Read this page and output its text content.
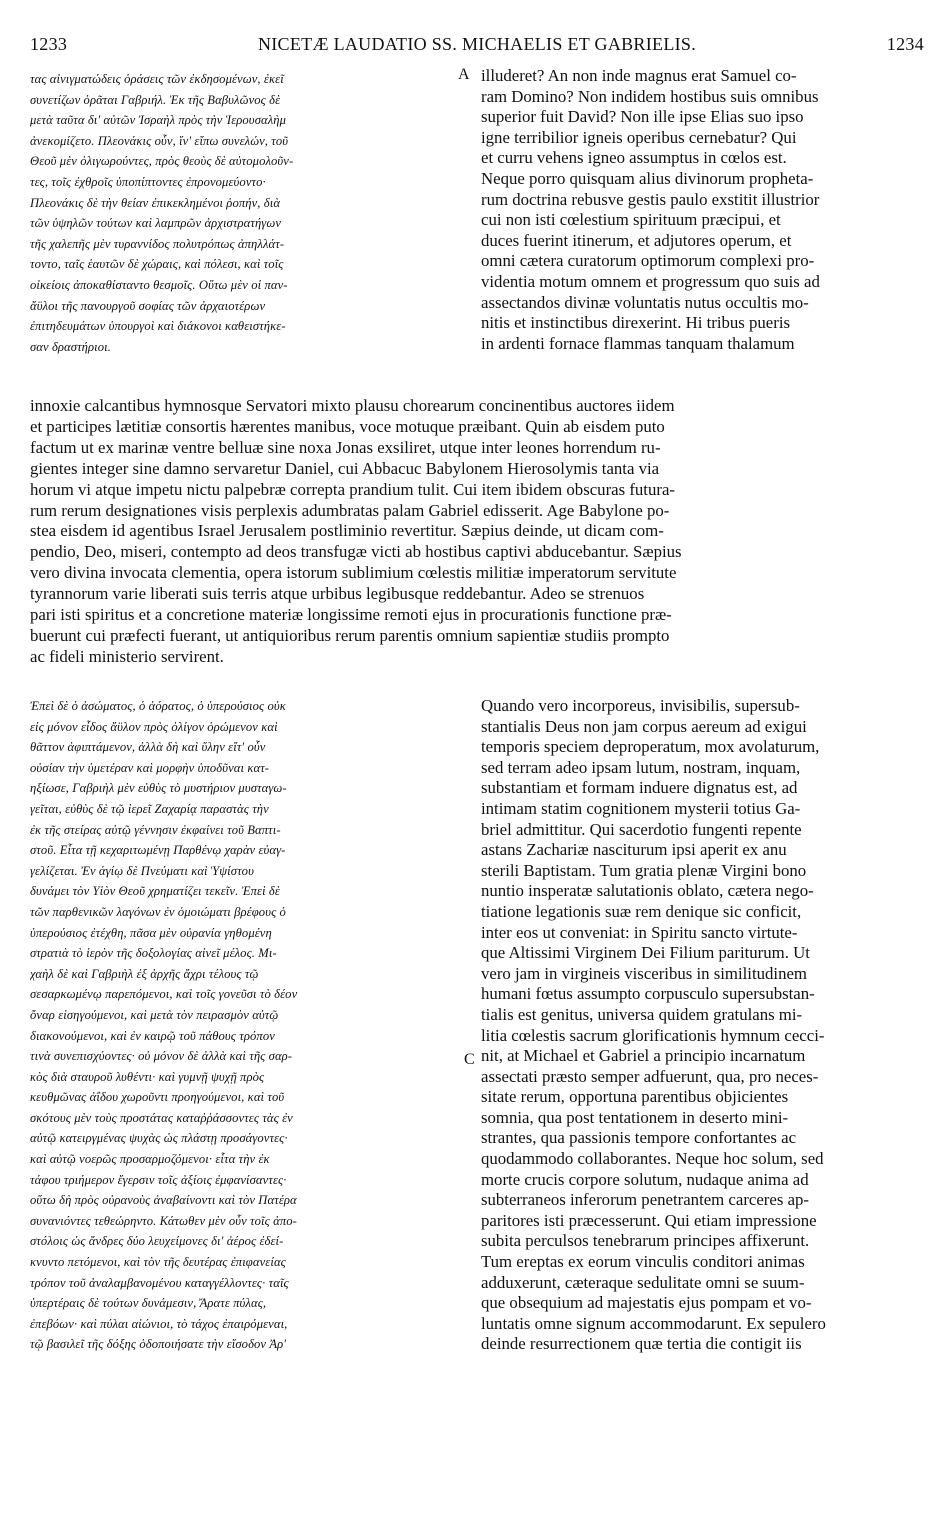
1233	NICETÆ LAUDATIO SS. MICHAELIS ET GABRIELIS.	1234
A
C

τας αἰνιγματώδεις ὁράσεις τῶν ἐκδησομένων, ἐκεῖ
συνετίζων ὁρᾶται Γαβριήλ. Ἐκ τῆς Βαβυλῶνος δὲ
μετὰ ταῦτα δι' αὐτῶν Ἰσραὴλ πρὸς τὴν Ἱερουσαλὴμ
ἀνεκομίζετο. Πλεονάκις οὖν, ἵν' εἴπω συνελών, τοῦ
Θεοῦ μὲν ὀλιγωρούντες, πρὸς θεοὺς δὲ αὐτομολοῦν-
τες, τοῖς ἐχθροῖς ὑποπίπτοντες ἐπρονομεύοντο·
Πλεονάκις δὲ τὴν θείαν ἐπικεκλημένοι ῥοπήν, διὰ
τῶν ὑψηλῶν τούτων καὶ λαμπρῶν ἀρχιστρατήγων
τῆς χαλεπῆς μὲν τυραννίδος πολυτρόπως ἀπηλλάτ-
τοντο, ταῖς ἑαυτῶν δὲ χώραις, καὶ πόλεσι, καὶ τοῖς
οἰκείοις ἀποκαθίσταντο θεσμοῖς. Οὕτω μὲν οἱ παν-
ἄϋλοι τῆς πανουργοῦ σοφίας τῶν ἀρχαιοτέρων
ἐπιτηδευμάτων ὑπουργοὶ καὶ διάκονοι καθειστήκε-
σαν δραστήριοι.

illuderet? An non inde magnus erat Samuel co-
ram Domino? Non indidem hostibus suis omnibus
superior fuit David? Non ille ipse Elias suo ipso
igne terribilior igneis operibus cernebatur? Qui
et curru vehens igneo assumptus in cœlos est.
Neque porro quisquam alius divinorum propheta-
rum doctrina rebusve gestis paulo exstitit illustrior
cui non isti cœlestium spirituum præcipui, et
duces fuerint itinerum, et adjutores operum, et
omni cætera curatorum optimorum complexi pro-
videntia motum omnem et progressum quo suis ad
assectandos divinæ voluntatis nutus occultis mo-
nitis et instinctibus direxerint. Hi tribus pueris
in ardenti fornace flammas tanquam thalamum

innoxie calcantibus hymnosque Servatori mixto plausu chorearum concinentibus auctores iidem
et participes lætitiæ consortis hærentes manibus, voce motuque præibant. Quin ab eisdem puto
factum ut ex marinæ ventre belluæ sine noxa Jonas exsiliret, utque inter leones horrendum ru-
gientes integer sine damno servaretur Daniel, cui Abbacuc Babylonem Hierosolymis tanta via
horum vi atque impetu nictu palpebræ correpta prandium tulit. Cui item ibidem obscuras futura-
rum rerum designationes visis perplexis adumbratas palam Gabriel edisserit. Age Babylone po-
stea eisdem id agentibus Israel Jerusalem postliminio revertitur. Sæpius deinde, ut dicam com-
pendio, Deo, miseri, contempto ad deos transfugæ victi ab hostibus captivi abducebantur. Sæpius
vero divina invocata clementia, opera istorum sublimium cœlestis militiæ imperatorum servitute
tyrannorum varie liberati suis terris atque urbibus legibusque reddebantur. Adeo se strenuos
pari isti spiritus et a concretione materiæ longissime remoti ejus in procurationis functione præ-
buerunt cui præfecti fuerant, ut antiquioribus rerum parentis omnium sapientiæ studiis prompto
ac fideli ministerio servirent.

Ἐπεὶ δὲ ὁ ἀσώματος, ὁ ἀόρατος, ὁ ὑπερούσιος οὐκ
εἰς μόνον εἶδος ἄϋλον πρὸς ὀλίγον ὁρώμενον καὶ
θᾶττον ἀφιπτάμενον, ἀλλὰ δὴ καὶ ὕλην εἴτ' οὖν
οὐσίαν τὴν ὑμετέραν καὶ μορφὴν ὑποδῦναι κατ-
ηξίωσε, Γαβριὴλ μὲν εὐθὺς τὸ μυστήριον μυσταγω-
γεῖται, εὐθὺς δὲ τῷ ἱερεῖ Ζαχαρίᾳ παραστὰς τὴν
ἐκ τῆς στείρας αὐτῷ γέννησιν ἐκφαίνει τοῦ Βαπτι-
στοῦ. Εἶτα τῇ κεχαριτωμένῃ Παρθένῳ χαρὰν εὐαγ-
γελίζεται. Ἐν ἁγίῳ δὲ Πνεύματι καὶ Ὑψίστου
δυνάμει τὸν Υἱὸν Θεοῦ χρηματίζει τεκεῖν. Ἐπεὶ δὲ
τῶν παρθενικῶν λαγόνων ἐν ὁμοιώματι βρέφους ὁ
ὑπερούσιος ἐτέχθη, πᾶσα μὲν οὐρανία γηθομένη
στρατιὰ τὸ ἱερὸν τῆς δοξολογίας αἰνεῖ μέλος. Μι-
χαὴλ δὲ καὶ Γαβριὴλ ἐξ ἀρχῆς ἄχρι τέλους τῷ
σεσαρκωμένῳ παρεπόμενοι, καὶ τοῖς γονεῦσι τὸ δέον
ὄναρ εἰσηγούμενοι, καὶ μετὰ τὸν πειρασμὸν αὐτῷ
διακονούμενοι, καὶ ἐν καιρῷ τοῦ πάθους τρόπον
τινὰ συνεπισχύοντες· οὐ μόνον δὲ ἀλλὰ καὶ τῆς σαρ-
κὸς διὰ σταυροῦ λυθέντι· καὶ γυμνῇ ψυχῇ πρὸς
κευθμῶνας ἀΐδου χωροῦντι προηγούμενοι, καὶ τοῦ
σκότους μὲν τοὺς προστάτας καταῤῥάσσοντες τὰς ἐν
αὐτῷ κατειργμένας ψυχὰς ὡς πλάστῃ προσάγοντες·
καὶ αὐτῷ νοερῶς προσαρμοζόμενοι· εἶτα τὴν ἐκ
τάφου τριήμερον ἔγερσιν τοῖς ἀξίοις ἐμφανίσαντες·
οὕτω δὴ πρὸς οὐρανοὺς ἀναβαίνοντι καὶ τὸν Πατέρα
συνανιόντες τεθεώρηντο. Κάτωθεν μὲν οὖν τοῖς ἀπο-
στόλοις ὡς ἄνδρες δύο λευχείμονες δι' ἀέρος ἐδεί-
κνυντο πετόμενοι, καὶ τὸν τῆς δευτέρας ἐπιφανείας
τρόπον τοῦ ἀναλαμβανομένου καταγγέλλοντες· ταῖς
ὑπερτέραις δὲ τούτων δυνάμεσιν, Ἄρατε πύλας,
ἐπεβόων· καὶ πύλαι αἰώνιοι, τὸ τάχος ἐπαιρόμεναι,
τῷ βασιλεῖ τῆς δόξης ὁδοποιήσατε τὴν εἴσοδον Ἀρ'

Quando vero incorporeus, invisibilis, supersub-
stantialis Deus non jam corpus aereum ad exigui
temporis speciem deproperatum, mox avolaturum,
sed terram adeo ipsam lutum, nostram, inquam,
substantiam et formam induere dignatus est, ad
intimam statim cognitionem mysterii totius Ga-
briel admittitur. Qui sacerdotio fungenti repente
astans Zachariæ nasciturum ipsi aperit ex anu
sterili Baptistam. Tum gratia plenæ Virgini bono
nuntio insperatæ salutationis oblato, cætera nego-
tiatione legationis suæ rem denique sic conficit,
inter eos ut conveniat: in Spiritu sancto virtute-
que Altissimi Virginem Dei Filium pariturum. Ut
vero jam in virgineis visceribus in similitudinem
humani fœtus assumpto corpusculo supersubstan-
tialis est genitus, universa quidem gratulans mi-
litia cœlestis sacrum glorificationis hymnum cecci-
nit, at Michael et Gabriel a principio incarnatum
assectati præsto semper adfuerunt, qua, pro neces-
sitate rerum, opportuna parentibus objicientes
somnia, qua post tentationem in deserto mini-
strantes, qua passionis tempore confortantes ac
quodammodo collaborantes. Neque hoc solum, sed
morte crucis corpore solutum, nudaque anima ad
subterraneos inferorum penetrantem carceres ap-
paritores isti præcesserunt. Qui etiam impressione
subita perculsos tenebrarum principes affixerunt.
Tum ereptas ex eorum vinculis conditori animas
adduxerunt, cæteraque sedulitate omni se suum-
que obsequium ad majestatis ejus pompam et vo-
luntatis omne signum accommodarunt. Ex sepulero
deinde resurrectionem quæ tertia die contigit iis
